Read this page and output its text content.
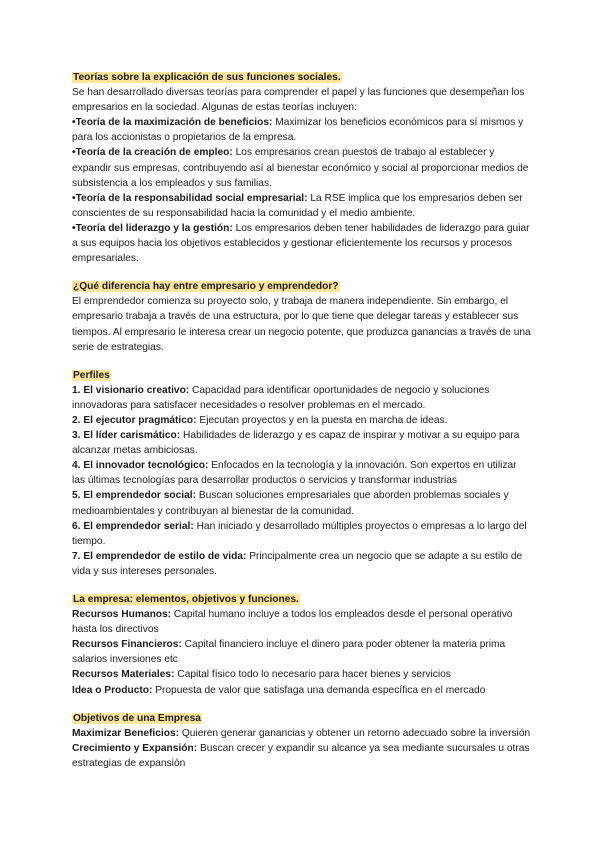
Teorías sobre la explicación de sus funciones sociales.

Se han desarrollado diversas teorías para comprender el papel y las funciones que desempeñan los empresarios en la sociedad. Algunas de estas teorías incluyen:

•Teoría de la maximización de beneficios: Maximizar los beneficios económicos para sí mismos y para los accionistas o propietarios de la empresa.

•Teoría de la creación de empleo: Los empresarios crean puestos de trabajo al establecer y expandir sus empresas, contribuyendo así al bienestar económico y social al proporcionar medios de subsistencia a los empleados y sus familias.

•Teoría de la responsabilidad social empresarial: La RSE implica que los empresarios deben ser conscientes de su responsabilidad hacia la comunidad y el medio ambiente.

•Teoría del liderazgo y la gestión: Los empresarios deben tener habilidades de liderazgo para guiar a sus equipos hacia los objetivos establecidos y gestionar eficientemente los recursos y procesos empresariales.

¿Qué diferencia hay entre empresario y emprendedor?

El emprendedor comienza su proyecto solo, y trabaja de manera independiente. Sin embargo, el empresario trabaja a través de una estructura, por lo que tiene que delegar tareas y establecer sus tiempos. Al empresario le interesa crear un negocio potente, que produzca ganancias a través de una serie de estrategias.

Perfiles

1. El visionario creativo: Capacidad para identificar oportunidades de negocio y soluciones innovadoras para satisfacer necesidades o resolver problemas en el mercado.

2. El ejecutor pragmático: Ejecutan proyectos y en la puesta en marcha de ideas.

3. El líder carismático: Habilidades de liderazgo y es capaz de inspirar y motivar a su equipo para alcanzar metas ambiciosas.

4. El innovador tecnológico: Enfocados en la tecnología y la innovación. Son expertos en utilizar las últimas tecnologías para desarrollar productos o servicios y transformar industrias

5. El emprendedor social: Buscan soluciones empresariales que aborden problemas sociales y medioambientales y contribuyan al bienestar de la comunidad.

6. El emprendedor serial: Han iniciado y desarrollado múltiples proyectos o empresas a lo largo del tiempo.

7. El emprendedor de estilo de vida: Principalmente crea un negocio que se adapte a su estilo de vida y sus intereses personales.

La empresa: elementos, objetivos y funciones.

Recursos Humanos: Capital humano incluye a todos los empleados desde el personal operativo hasta los directivos

Recursos Financieros: Capital financiero incluye el dinero para poder obtener la materia prima salarios inversiones etc

Recursos Materiales: Capital físico todo lo necesario para hacer bienes y servicios

Idea o Producto: Propuesta de valor que satisfaga una demanda específica en el mercado

Objetivos de una Empresa

Maximizar Beneficios: Quieren generar ganancias y obtener un retorno adecuado sobre la inversión

Crecimiento y Expansión: Buscan crecer y expandir su alcance ya sea mediante sucursales u otras estrategias de expansión
